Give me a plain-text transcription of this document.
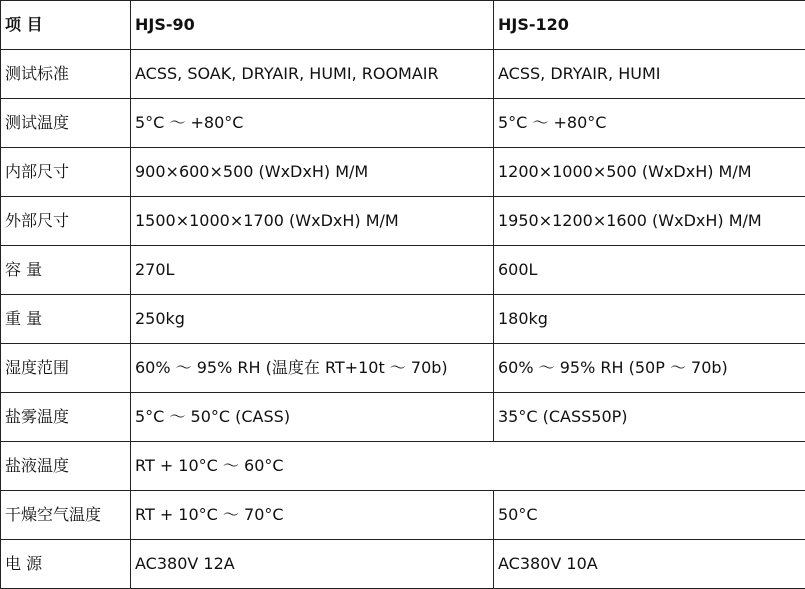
项 目	HJS-90	HJS-120
测试标准	ACSS, SOAK, DRYAIR, HUMI, ROOMAIR	ACSS, DRYAIR, HUMI
测试温度	5°C ～ +80°C	5°C ～ +80°C
内部尺寸	900×600×500 (WxDxH) M/M	1200×1000×500 (WxDxH) M/M
外部尺寸	1500×1000×1700 (WxDxH) M/M	1950×1200×1600 (WxDxH) M/M
容 量	270L	600L
重 量	250kg	180kg
湿度范围	60% ～ 95% RH (温度在 RT+10t ～ 70b)	60% ～ 95% RH (50P ～ 70b)
盐雾温度	5°C ～ 50°C (CASS)	35°C (CASS50P)
盐液温度	RT + 10°C ～ 60°C	
干燥空气温度	RT + 10°C ～ 70°C	50°C
电 源	AC380V 12A	AC380V 10A
